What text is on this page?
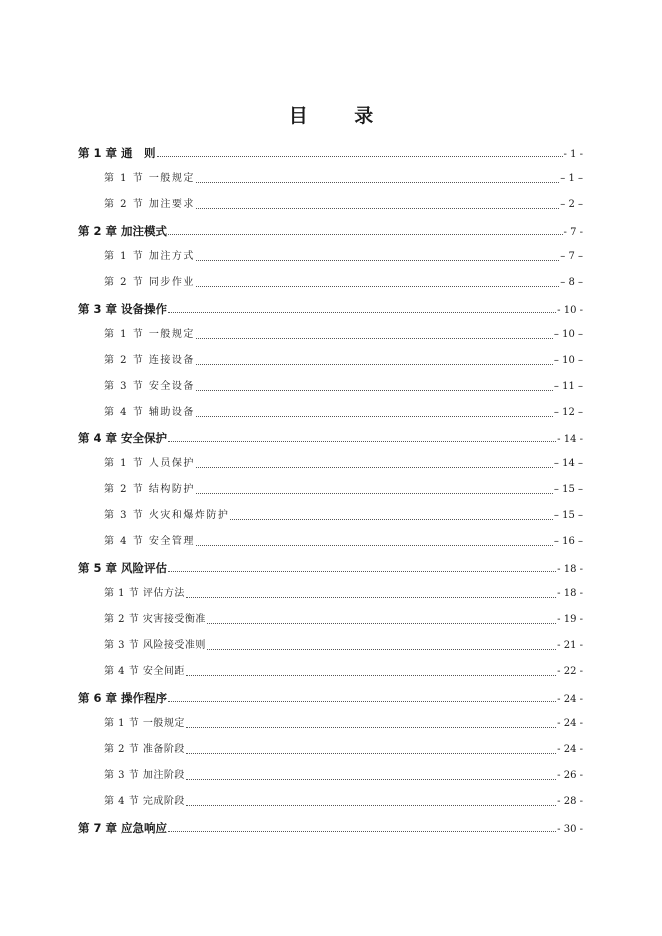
目 录
第 1 章 通　则	- 1 -
第 1 节 一般规定	– 1 –
第 2 节 加注要求	– 2 –
第 2 章 加注模式	- 7 -
第 1 节 加注方式	– 7 –
第 2 节 同步作业	– 8 –
第 3 章 设备操作	- 10 -
第 1 节 一般规定	– 10 –
第 2 节 连接设备	– 10 –
第 3 节 安全设备	– 11 –
第 4 节 辅助设备	– 12 –
第 4 章 安全保护	- 14 -
第 1 节 人员保护	– 14 –
第 2 节 结构防护	– 15 –
第 3 节 火灾和爆炸防护	– 15 –
第 4 节 安全管理	– 16 –
第 5 章 风险评估	- 18 -
第 1 节 评估方法	- 18 -
第 2 节 灾害接受衡准	- 19 -
第 3 节 风险接受准则	- 21 -
第 4 节 安全间距	- 22 -
第 6 章 操作程序	- 24 -
第 1 节 一般规定	- 24 -
第 2 节 准备阶段	- 24 -
第 3 节 加注阶段	- 26 -
第 4 节 完成阶段	- 28 -
第 7 章 应急响应	- 30 -
